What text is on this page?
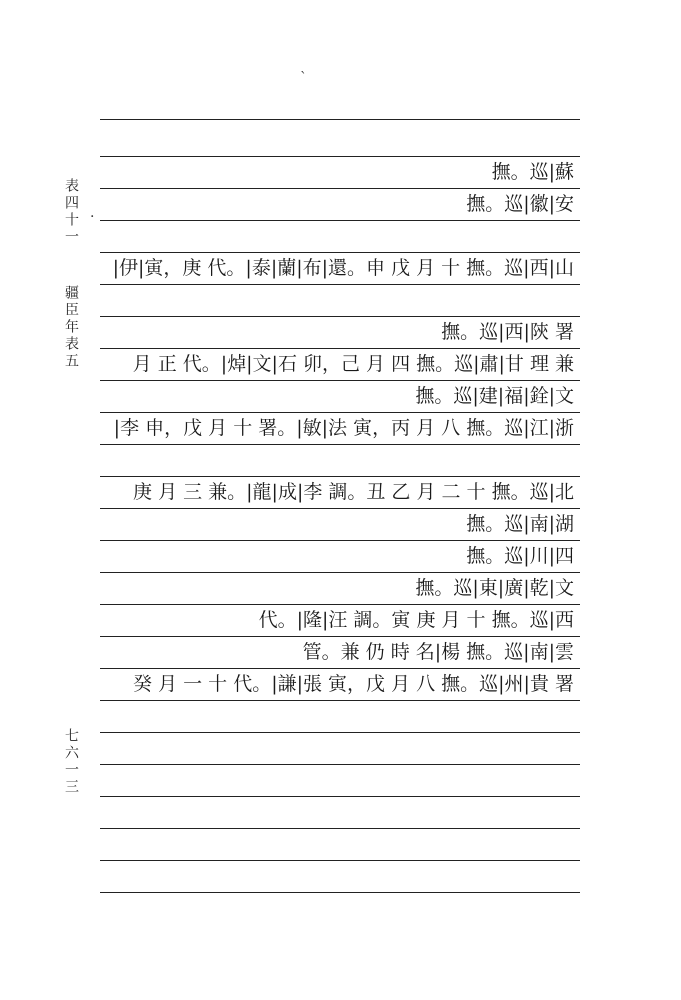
表四十一
疆臣年表五
七六一三
ˋ
.
撫。巡|蘇
撫。巡|徽|安
|伊|寅，庚 代。|泰|蘭|布|還。申 戊 月 十 撫。巡|西|山
撫。巡|西|陝 署
月 正 代。|焯|文|石 卯，己 月 四 撫。巡|肅|甘 理 兼
撫。巡|建|福|銓|文
|李 申，戊 月 十 署。|敏|法 寅，丙 月 八 撫。巡|江|浙
庚 月 三 兼。|龍|成|李 調。丑 乙 月 二 十 撫。巡|北
撫。巡|南|湖
撫。巡|川|四
撫。巡|東|廣|乾|文
代。|隆|汪 調。寅 庚 月 十 撫。巡|西
管。兼 仍 時 名|楊 撫。巡|南|雲
癸 月 一 十 代。|謙|張 寅，戊 月 八 撫。巡|州|貴 署
